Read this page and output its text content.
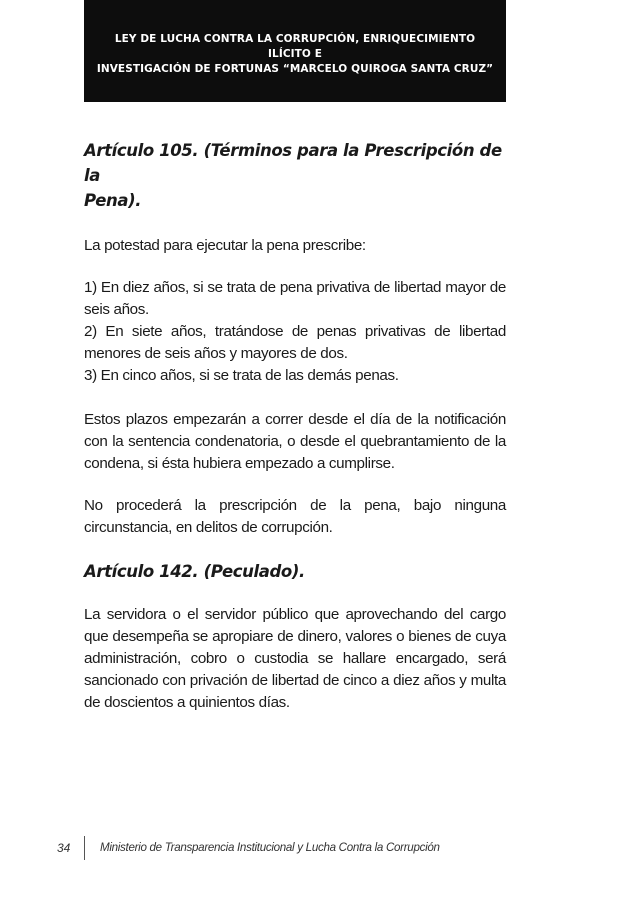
LEY DE LUCHA CONTRA LA CORRUPCIÓN, ENRIQUECIMIENTO ILÍCITO E
INVESTIGACIÓN DE FORTUNAS “MARCELO QUIROGA SANTA CRUZ”
Artículo 105. (Términos para la Prescripción de la
Pena).

La potestad para ejecutar la pena prescribe:

1) En diez años, si se trata de pena privativa de libertad mayor de seis años.

2) En siete años, tratándose de penas privativas de libertad menores de seis años y mayores de dos.

3) En cinco años, si se trata de las demás penas.

Estos plazos empezarán a correr desde el día de la notificación con la sentencia condenatoria, o desde el quebrantamiento de la condena, si ésta hubiera empezado a cumplirse.

No procederá la prescripción de la pena, bajo ninguna circunstancia, en delitos de corrupción.

Artículo 142. (Peculado).

La servidora o el servidor público que aprovechando del cargo que desempeña se apropiare de dinero, valores o bienes de cuya administración, cobro o custodia se hallare encargado, será sancionado con privación de libertad de cinco a diez años y multa de doscientos a quinientos días.

34	Ministerio de Transparencia Institucional y Lucha Contra la Corrupción
